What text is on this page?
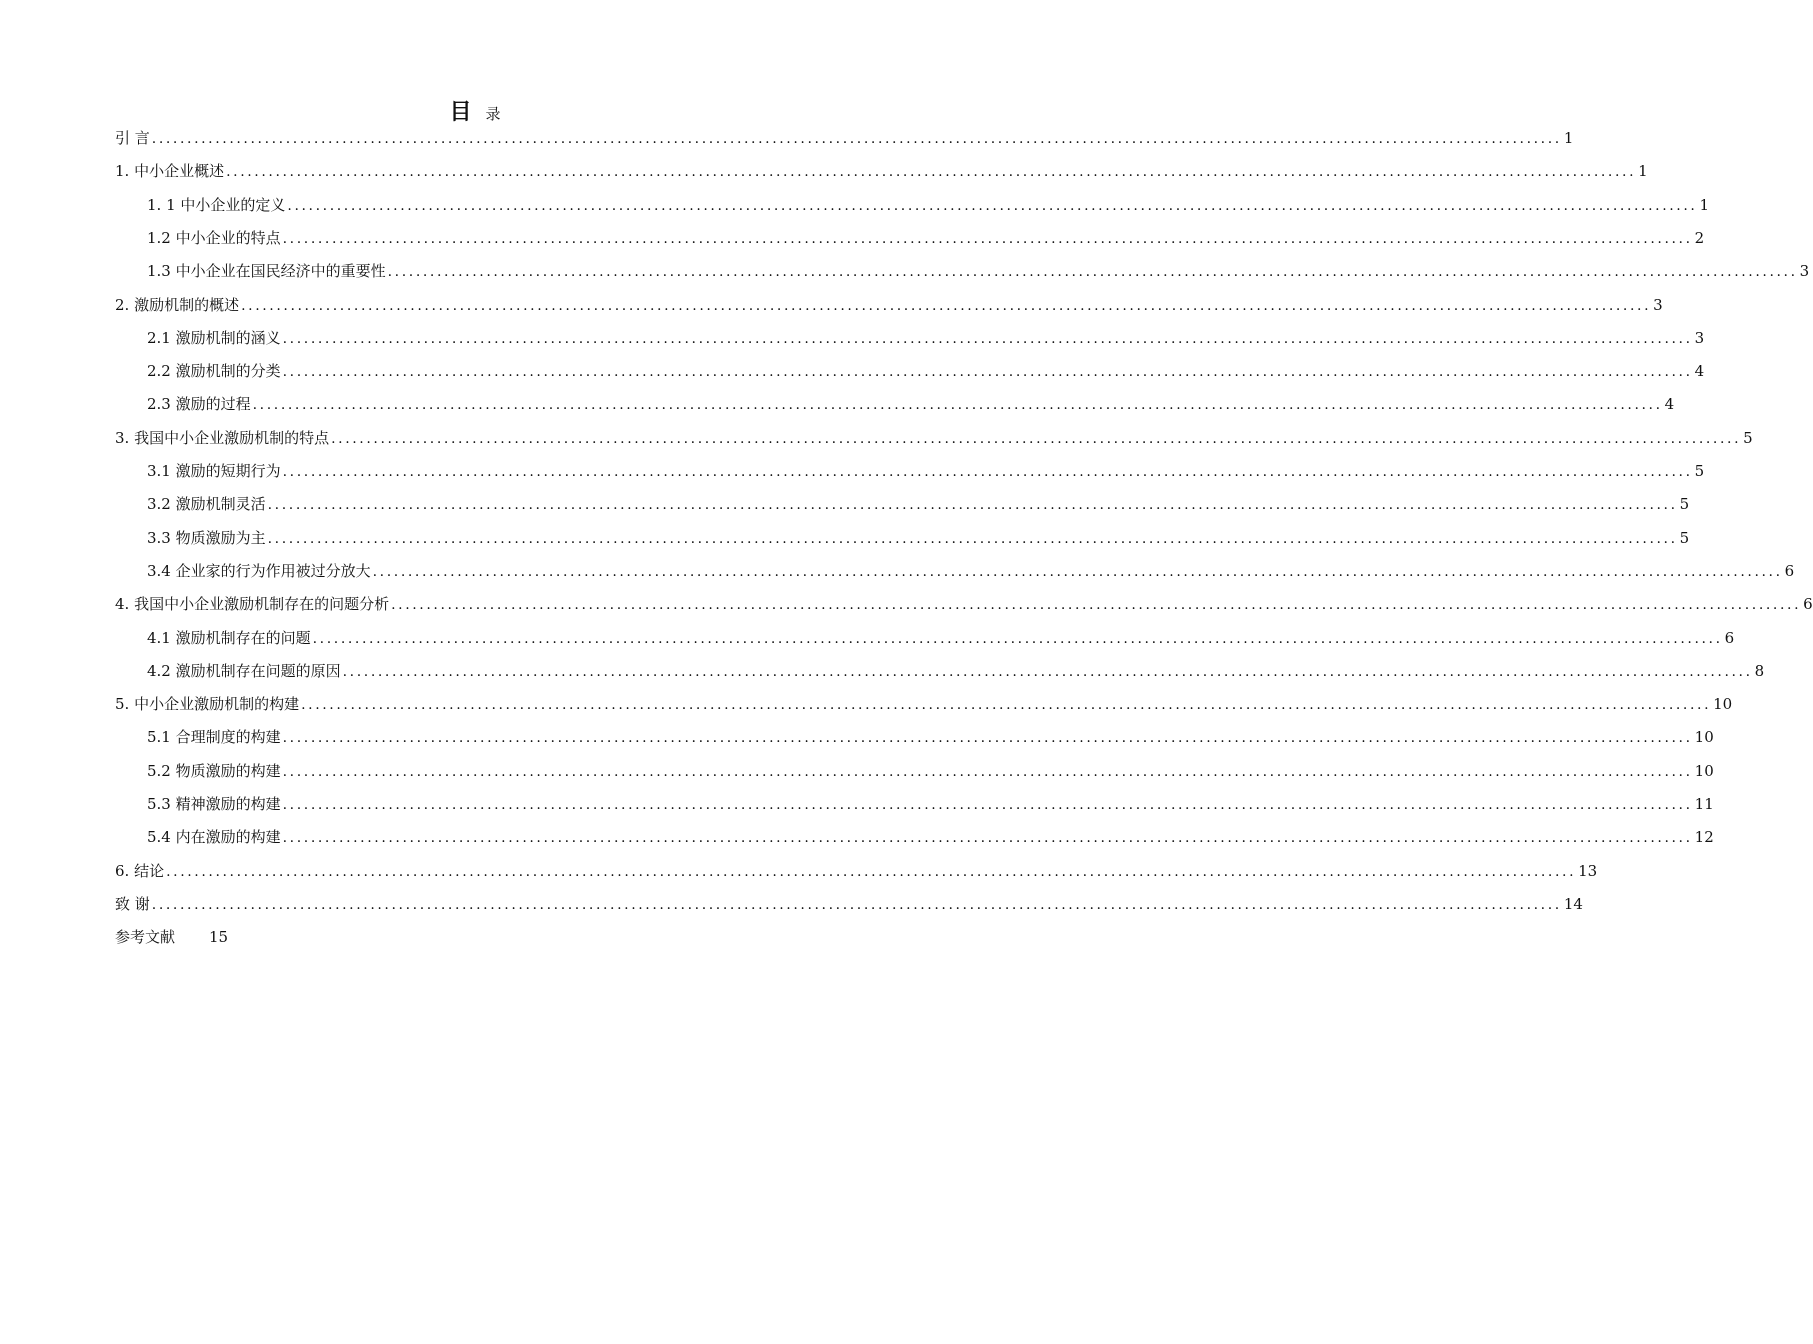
目 录
引 言 ........................................................................................................................................................................................................ 1
1. 中小企业概述 ........................................................................................................................................................................................................ 1
1. 1 中小企业的定义 ........................................................................................................................................................................................................ 1
1.2 中小企业的特点 ........................................................................................................................................................................................................ 2
1.3 中小企业在国民经济中的重要性 ........................................................................................................................................................................................................ 3
2. 激励机制的概述 ........................................................................................................................................................................................................ 3
2.1 激励机制的涵义 ........................................................................................................................................................................................................ 3
2.2 激励机制的分类 ........................................................................................................................................................................................................ 4
2.3 激励的过程 ........................................................................................................................................................................................................ 4
3. 我国中小企业激励机制的特点 ........................................................................................................................................................................................................ 5
3.1 激励的短期行为 ........................................................................................................................................................................................................ 5
3.2 激励机制灵活 ........................................................................................................................................................................................................ 5
3.3 物质激励为主 ........................................................................................................................................................................................................ 5
3.4 企业家的行为作用被过分放大 ........................................................................................................................................................................................................ 6
4. 我国中小企业激励机制存在的问题分析 ........................................................................................................................................................................................................ 6
4.1 激励机制存在的问题 ........................................................................................................................................................................................................ 6
4.2 激励机制存在问题的原因 ........................................................................................................................................................................................................ 8
5. 中小企业激励机制的构建 ........................................................................................................................................................................................................ 10
5.1 合理制度的构建 ........................................................................................................................................................................................................ 10
5.2 物质激励的构建 ........................................................................................................................................................................................................ 10
5.3 精神激励的构建 ........................................................................................................................................................................................................ 11
5.4 内在激励的构建 ........................................................................................................................................................................................................ 12
6. 结论 ........................................................................................................................................................................................................ 13
致 谢 ........................................................................................................................................................................................................ 14
参考文献 15
